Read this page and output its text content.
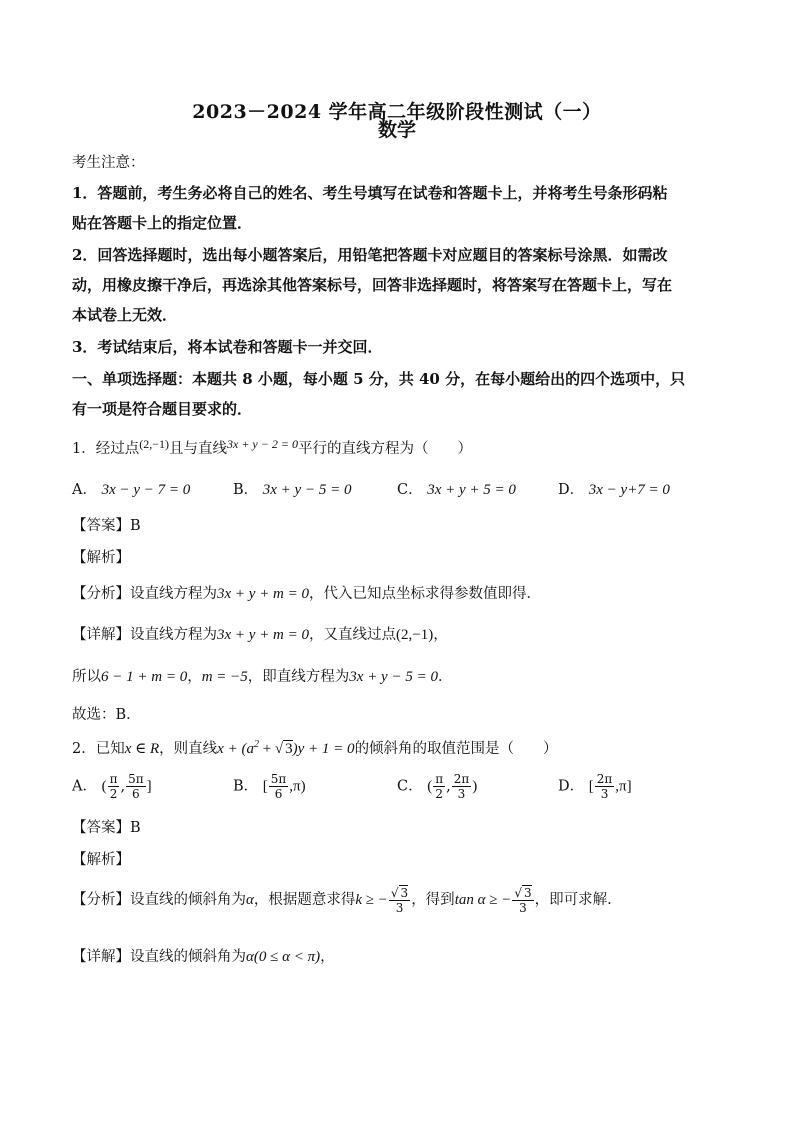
2023－2024 学年高二年级阶段性测试（一）
数学
考生注意：
1．答题前，考生务必将自己的姓名、考生号填写在试卷和答题卡上，并将考生号条形码粘
贴在答题卡上的指定位置．
2．回答选择题时，选出每小题答案后，用铅笔把答题卡对应题目的答案标号涂黑．如需改
动，用橡皮擦干净后，再选涂其他答案标号，回答非选择题时，将答案写在答题卡上，写在
本试卷上无效．
3．考试结束后，将本试卷和答题卡一并交回．
一、单项选择题：本题共 8 小题，每小题 5 分，共 40 分，在每小题给出的四个选项中，只
有一项是符合题目要求的．
1．经过点$^{(2,-1)}$且与直线$^{3x + y - 2 = 0}$平行的直线方程为（　　）
A． 3x − y − 7 = 0	B． 3x + y − 5 = 0	C． 3x + y + 5 = 0	D． 3x − y+7 = 0
【答案】B
【解析】
【分析】设直线方程为3x + y + m = 0，代入已知点坐标求得参数值即得．
【详解】设直线方程为3x + y + m = 0，又直线过点(2,−1)，
所以6 − 1 + m = 0，m = −5，即直线方程为3x + y − 5 = 0．
故选：B．
2．已知x ∈ R，则直线$x + (a^2$ + √ 3)y + 1 = 0的倾斜角的取值范围是（　　）
A． ( $\frac{\pi}{2}$ , $\frac{5\pi}{6}$ ]	B． [ $\frac{5\pi}{6} ,\pi$)	C． ( $\frac{\pi}{2}$ , $\frac{2\pi}{3}$ )	D． [ $\frac{2\pi}{3} ,\pi$]
【答案】B
【解析】
【分析】设直线的倾斜角为α，根据题意求得k ≥ − $\frac{√ 3}{3}$ ，得到tan α ≥ − $\frac{√ 3}{3}$ ，即可求解.
【详解】设直线的倾斜角为α(0 ≤ α < π)，
